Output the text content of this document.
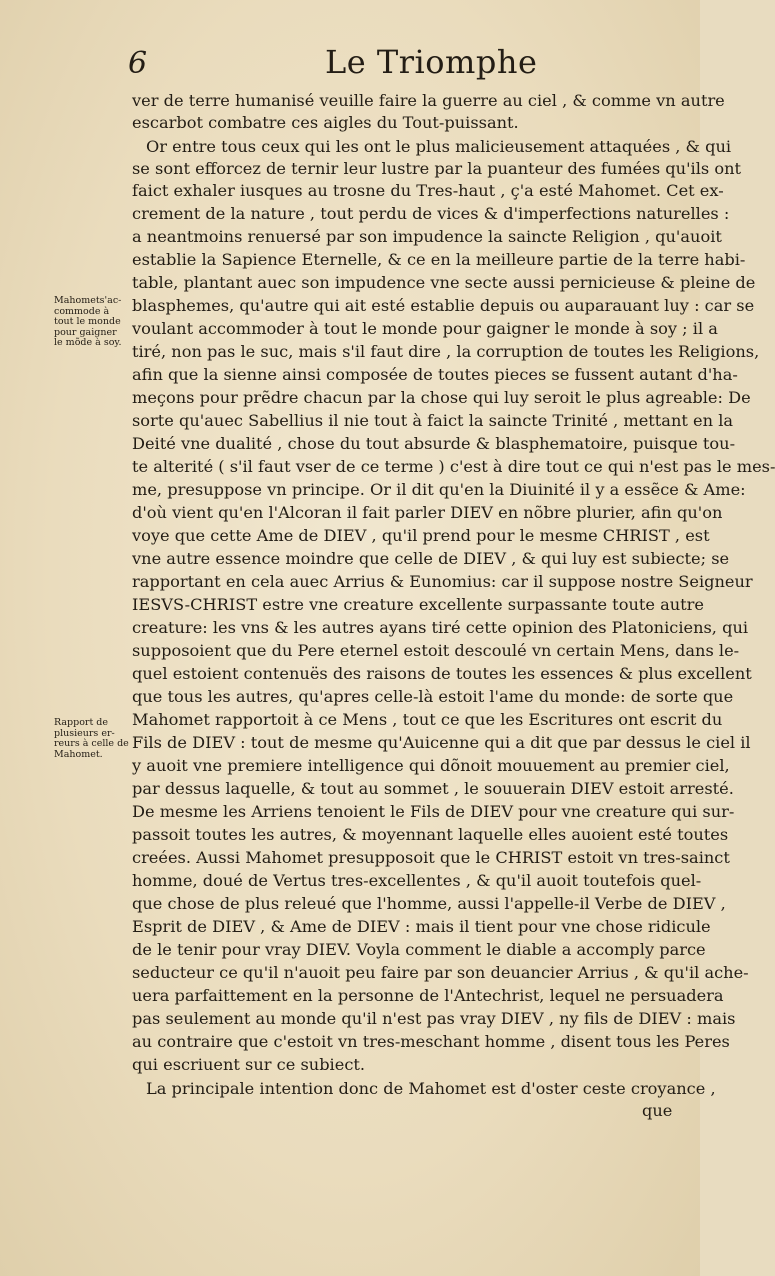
6	Le Triomphe
Mahomets'ac-
commode à
tout le monde
pour gaigner
le mõde à soy.
Rapport de
plusieurs er-
reurs à celle de
Mahomet.
ver de terre humanisé veuille faire la guerre au ciel , & comme vn autre
escarbot combatre ces aigles du Tout-puissant.
Or entre tous ceux qui les ont le plus malicieusement attaquées , & qui
se sont efforcez de ternir leur lustre par la puanteur des fumées qu'ils ont
faict exhaler iusques au trosne du Tres-haut , ç'a esté Mahomet. Cet ex-
crement de la nature , tout perdu de vices & d'imperfections naturelles :
a neantmoins renuersé par son impudence la saincte Religion , qu'auoit
establie la Sapience Eternelle, & ce en la meilleure partie de la terre habi-
table, plantant auec son impudence vne secte aussi pernicieuse & pleine de
blasphemes, qu'autre qui ait esté establie depuis ou auparauant luy : car se
voulant accommoder à tout le monde pour gaigner le monde à soy ; il a
tiré, non pas le suc, mais s'il faut dire , la corruption de toutes les Religions,
afin que la sienne ainsi composée de toutes pieces se fussent autant d'ha-
meçons pour prẽdre chacun par la chose qui luy seroit le plus agreable: De
sorte qu'auec Sabellius il nie tout à faict la saincte Trinité , mettant en la
Deité vne dualité , chose du tout absurde & blasphematoire, puisque tou-
te alterité ( s'il faut vser de ce terme ) c'est à dire tout ce qui n'est pas le mes-
me, presuppose vn principe. Or il dit qu'en la Diuinité il y a essẽce & Ame:
d'où vient qu'en l'Alcoran il fait parler DIEV en nõbre plurier, afin qu'on
voye que cette Ame de DIEV , qu'il prend pour le mesme CHRIST , est
vne autre essence moindre que celle de DIEV , & qui luy est subiecte; se
rapportant en cela auec Arrius & Eunomius: car il suppose nostre Seigneur
IESVS-CHRIST estre vne creature excellente surpassante toute autre
creature: les vns & les autres ayans tiré cette opinion des Platoniciens, qui
supposoient que du Pere eternel estoit descoulé vn certain Mens, dans le-
quel estoient contenuës des raisons de toutes les essences & plus excellent
que tous les autres, qu'apres celle-là estoit l'ame du monde: de sorte que
Mahomet rapportoit à ce Mens , tout ce que les Escritures ont escrit du
Fils de DIEV : tout de mesme qu'Auicenne qui a dit que par dessus le ciel il
y auoit vne premiere intelligence qui dõnoit mouuement au premier ciel,
par dessus laquelle, & tout au sommet , le souuerain DIEV estoit arresté.
De mesme les Arriens tenoient le Fils de DIEV pour vne creature qui sur-
passoit toutes les autres, & moyennant laquelle elles auoient esté toutes
creées. Aussi Mahomet presupposoit que le CHRIST estoit vn tres-sainct
homme, doué de Vertus tres-excellentes , & qu'il auoit toutefois quel-
que chose de plus releué que l'homme, aussi l'appelle-il Verbe de DIEV ,
Esprit de DIEV , & Ame de DIEV : mais il tient pour vne chose ridicule
de le tenir pour vray DIEV. Voyla comment le diable a accomply parce
seducteur ce qu'il n'auoit peu faire par son deuancier Arrius , & qu'il ache-
uera parfaittement en la personne de l'Antechrist, lequel ne persuadera
pas seulement au monde qu'il n'est pas vray DIEV , ny fils de DIEV : mais
au contraire que c'estoit vn tres-meschant homme , disent tous les Peres
qui escriuent sur ce subiect.
La principale intention donc de Mahomet est d'oster ceste croyance ,
que
